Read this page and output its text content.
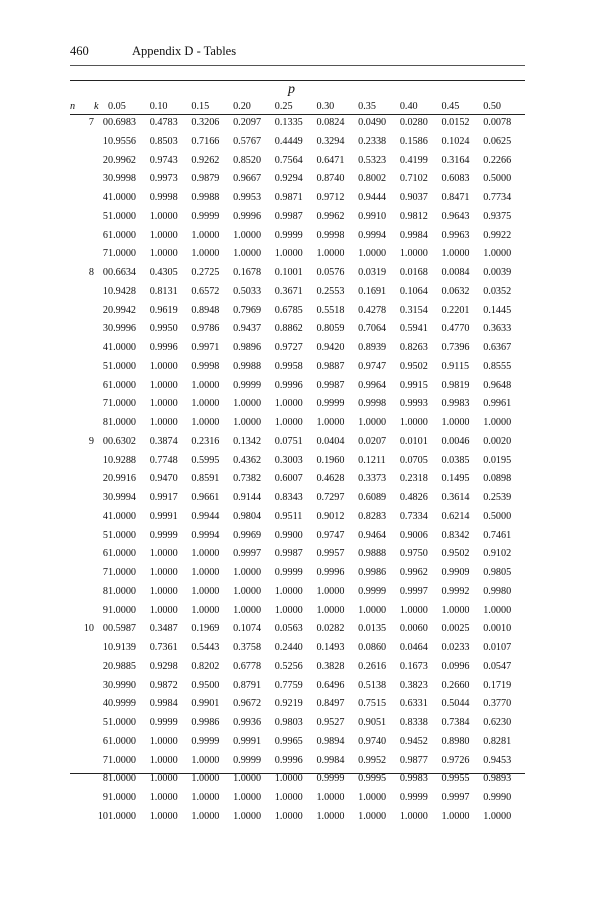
460	Appendix D - Tables
p
n	k	0.05	0.10	0.15	0.20	0.25	0.30	0.35	0.40	0.45	0.50
7	0	0.6983	0.4783	0.3206	0.2097	0.1335	0.0824	0.0490	0.0280	0.0152	0.0078
	1	0.9556	0.8503	0.7166	0.5767	0.4449	0.3294	0.2338	0.1586	0.1024	0.0625
	2	0.9962	0.9743	0.9262	0.8520	0.7564	0.6471	0.5323	0.4199	0.3164	0.2266
	3	0.9998	0.9973	0.9879	0.9667	0.9294	0.8740	0.8002	0.7102	0.6083	0.5000
	4	1.0000	0.9998	0.9988	0.9953	0.9871	0.9712	0.9444	0.9037	0.8471	0.7734
	5	1.0000	1.0000	0.9999	0.9996	0.9987	0.9962	0.9910	0.9812	0.9643	0.9375
	6	1.0000	1.0000	1.0000	1.0000	0.9999	0.9998	0.9994	0.9984	0.9963	0.9922
	7	1.0000	1.0000	1.0000	1.0000	1.0000	1.0000	1.0000	1.0000	1.0000	1.0000
8	0	0.6634	0.4305	0.2725	0.1678	0.1001	0.0576	0.0319	0.0168	0.0084	0.0039
	1	0.9428	0.8131	0.6572	0.5033	0.3671	0.2553	0.1691	0.1064	0.0632	0.0352
	2	0.9942	0.9619	0.8948	0.7969	0.6785	0.5518	0.4278	0.3154	0.2201	0.1445
	3	0.9996	0.9950	0.9786	0.9437	0.8862	0.8059	0.7064	0.5941	0.4770	0.3633
	4	1.0000	0.9996	0.9971	0.9896	0.9727	0.9420	0.8939	0.8263	0.7396	0.6367
	5	1.0000	1.0000	0.9998	0.9988	0.9958	0.9887	0.9747	0.9502	0.9115	0.8555
	6	1.0000	1.0000	1.0000	0.9999	0.9996	0.9987	0.9964	0.9915	0.9819	0.9648
	7	1.0000	1.0000	1.0000	1.0000	1.0000	0.9999	0.9998	0.9993	0.9983	0.9961
	8	1.0000	1.0000	1.0000	1.0000	1.0000	1.0000	1.0000	1.0000	1.0000	1.0000
9	0	0.6302	0.3874	0.2316	0.1342	0.0751	0.0404	0.0207	0.0101	0.0046	0.0020
	1	0.9288	0.7748	0.5995	0.4362	0.3003	0.1960	0.1211	0.0705	0.0385	0.0195
	2	0.9916	0.9470	0.8591	0.7382	0.6007	0.4628	0.3373	0.2318	0.1495	0.0898
	3	0.9994	0.9917	0.9661	0.9144	0.8343	0.7297	0.6089	0.4826	0.3614	0.2539
	4	1.0000	0.9991	0.9944	0.9804	0.9511	0.9012	0.8283	0.7334	0.6214	0.5000
	5	1.0000	0.9999	0.9994	0.9969	0.9900	0.9747	0.9464	0.9006	0.8342	0.7461
	6	1.0000	1.0000	1.0000	0.9997	0.9987	0.9957	0.9888	0.9750	0.9502	0.9102
	7	1.0000	1.0000	1.0000	1.0000	0.9999	0.9996	0.9986	0.9962	0.9909	0.9805
	8	1.0000	1.0000	1.0000	1.0000	1.0000	1.0000	0.9999	0.9997	0.9992	0.9980
	9	1.0000	1.0000	1.0000	1.0000	1.0000	1.0000	1.0000	1.0000	1.0000	1.0000
10	0	0.5987	0.3487	0.1969	0.1074	0.0563	0.0282	0.0135	0.0060	0.0025	0.0010
	1	0.9139	0.7361	0.5443	0.3758	0.2440	0.1493	0.0860	0.0464	0.0233	0.0107
	2	0.9885	0.9298	0.8202	0.6778	0.5256	0.3828	0.2616	0.1673	0.0996	0.0547
	3	0.9990	0.9872	0.9500	0.8791	0.7759	0.6496	0.5138	0.3823	0.2660	0.1719
	4	0.9999	0.9984	0.9901	0.9672	0.9219	0.8497	0.7515	0.6331	0.5044	0.3770
	5	1.0000	0.9999	0.9986	0.9936	0.9803	0.9527	0.9051	0.8338	0.7384	0.6230
	6	1.0000	1.0000	0.9999	0.9991	0.9965	0.9894	0.9740	0.9452	0.8980	0.8281
	7	1.0000	1.0000	1.0000	0.9999	0.9996	0.9984	0.9952	0.9877	0.9726	0.9453
	8	1.0000	1.0000	1.0000	1.0000	1.0000	0.9999	0.9995	0.9983	0.9955	0.9893
	9	1.0000	1.0000	1.0000	1.0000	1.0000	1.0000	1.0000	0.9999	0.9997	0.9990
	10	1.0000	1.0000	1.0000	1.0000	1.0000	1.0000	1.0000	1.0000	1.0000	1.0000
